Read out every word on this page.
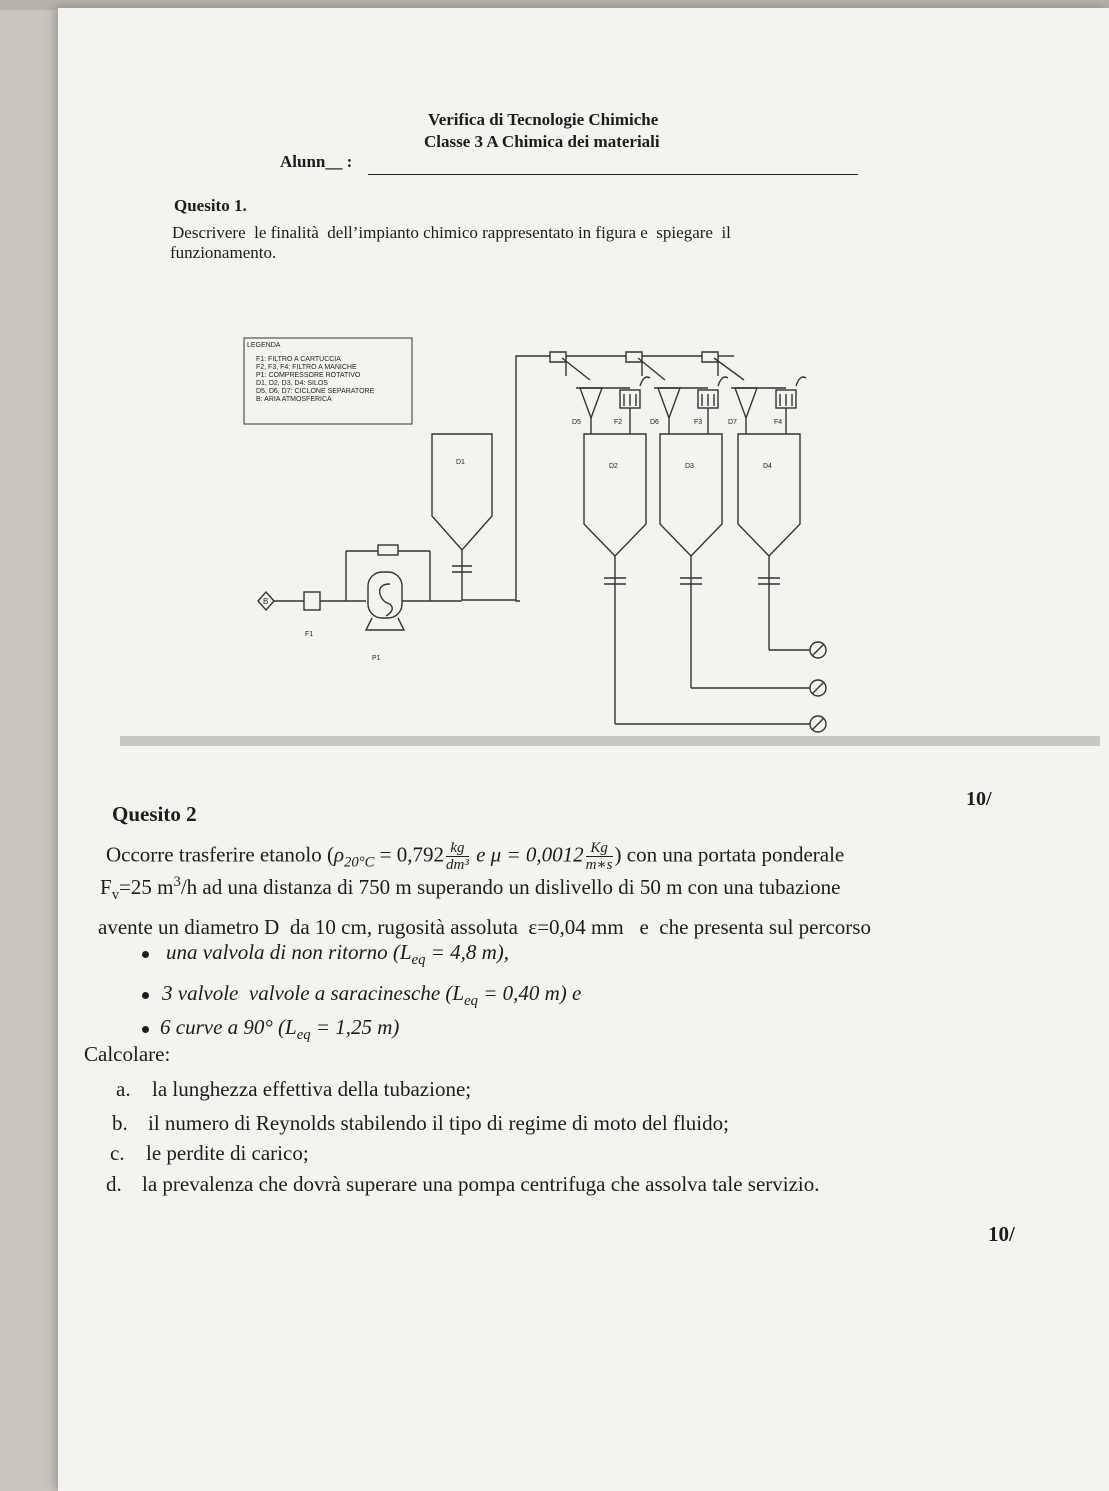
Verifica di Tecnologie Chimiche
Classe 3 A Chimica dei materiali
Alunn__ :
Quesito 1.
Descrivere  le finalità  dell’impianto chimico rappresentato in figura e  spiegare  il
funzionamento.
LEGENDA
F1: FILTRO A CARTUCCIA
F2, F3, F4: FILTRO A MANICHE
P1: COMPRESSORE ROTATIVO
D1, D2, D3, D4: SILOS
D5, D6, D7: CICLONE SEPARATORE
B: ARIA ATMOSFERICA
D1
D2	D3	D4
D5	D6	D7
F2	F3	F4
F1
P1
B
10/
Quesito 2
Occorre trasferire etanolo ($\rho_{20^\circ C} = 0,792 \frac{kg}{\text{dm³}}$ e $\mu = 0,0012 \frac{Kg}{m∗s}$ ) con una portata ponderale
$F_v=25$ $m^3/h$ ad una distanza di 750 m superando un dislivello di 50 m con una tubazione
avente un diametro D  da 10 cm, rugosità assoluta  ε=0,04 mm   e  che presenta sul percorso
una valvola di non ritorno ($L_{eq} = 4,8$ m),
3 valvole  valvole a saracinesche ($L_{eq} = 0,40$ m) e
6 curve a 90° ($L_{eq} = 1,25$ m)
Calcolare:
a. la lunghezza effettiva della tubazione;
b. il numero di Reynolds stabilendo il tipo di regime di moto del fluido;
c. le perdite di carico;
d. la prevalenza che dovrà superare una pompa centrifuga che assolva tale servizio.
10/
